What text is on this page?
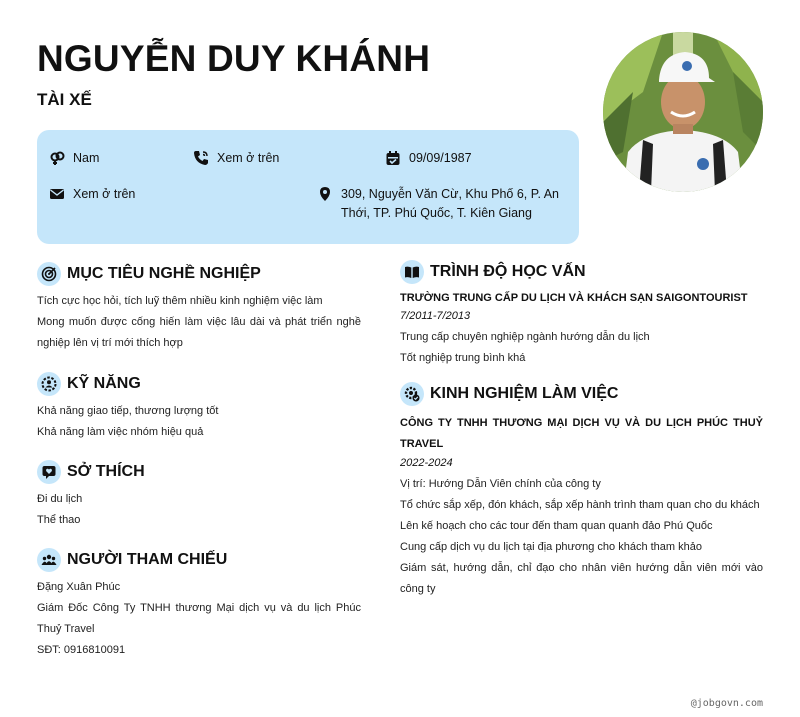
NGUYỄN DUY KHÁNH
TÀI XẾ
Nam	Xem ở trên	09/09/1987
Xem ở trên	309, Nguyễn Văn Cừ, Khu Phố 6, P. An Thới, TP. Phú Quốc, T. Kiên Giang
MỤC TIÊU NGHỀ NGHIỆP
Tích cực học hỏi, tích luỹ thêm nhiều kinh nghiệm việc làm
Mong muốn được cống hiến làm việc lâu dài và phát triển nghề nghiệp lên vị trí mới thích hợp
KỸ NĂNG
Khả năng giao tiếp, thương lượng tốt
Khả năng làm việc nhóm hiệu quả
SỞ THÍCH
Đi du lịch
Thể thao
NGƯỜI THAM CHIẾU
Đặng Xuân Phúc
Giám Đốc Công Ty TNHH thương Mại dịch vụ và du lịch Phúc Thuỷ Travel
SĐT: 0916810091
TRÌNH ĐỘ HỌC VẤN
TRƯỜNG TRUNG CẤP DU LỊCH VÀ KHÁCH SẠN SAIGONTOURIST
7/2011-7/2013
Trung cấp chuyên nghiệp ngành hướng dẫn du lịch
Tốt nghiệp trung bình khá
KINH NGHIỆM LÀM VIỆC
CÔNG TY TNHH THƯƠNG MẠI DỊCH VỤ VÀ DU LỊCH PHÚC THUỶ TRAVEL
2022-2024
Vị trí: Hướng Dẫn Viên chính của công ty
Tổ chức sắp xếp, đón khách, sắp xếp hành trình tham quan cho du khách
Lên kế hoạch cho các tour đến tham quan quanh đảo Phú Quốc
Cung cấp dịch vụ du lịch tại địa phương cho khách tham khảo
Giám sát, hướng dẫn, chỉ đạo cho nhân viên hướng dẫn viên mới vào công ty
@jobgovn.com
